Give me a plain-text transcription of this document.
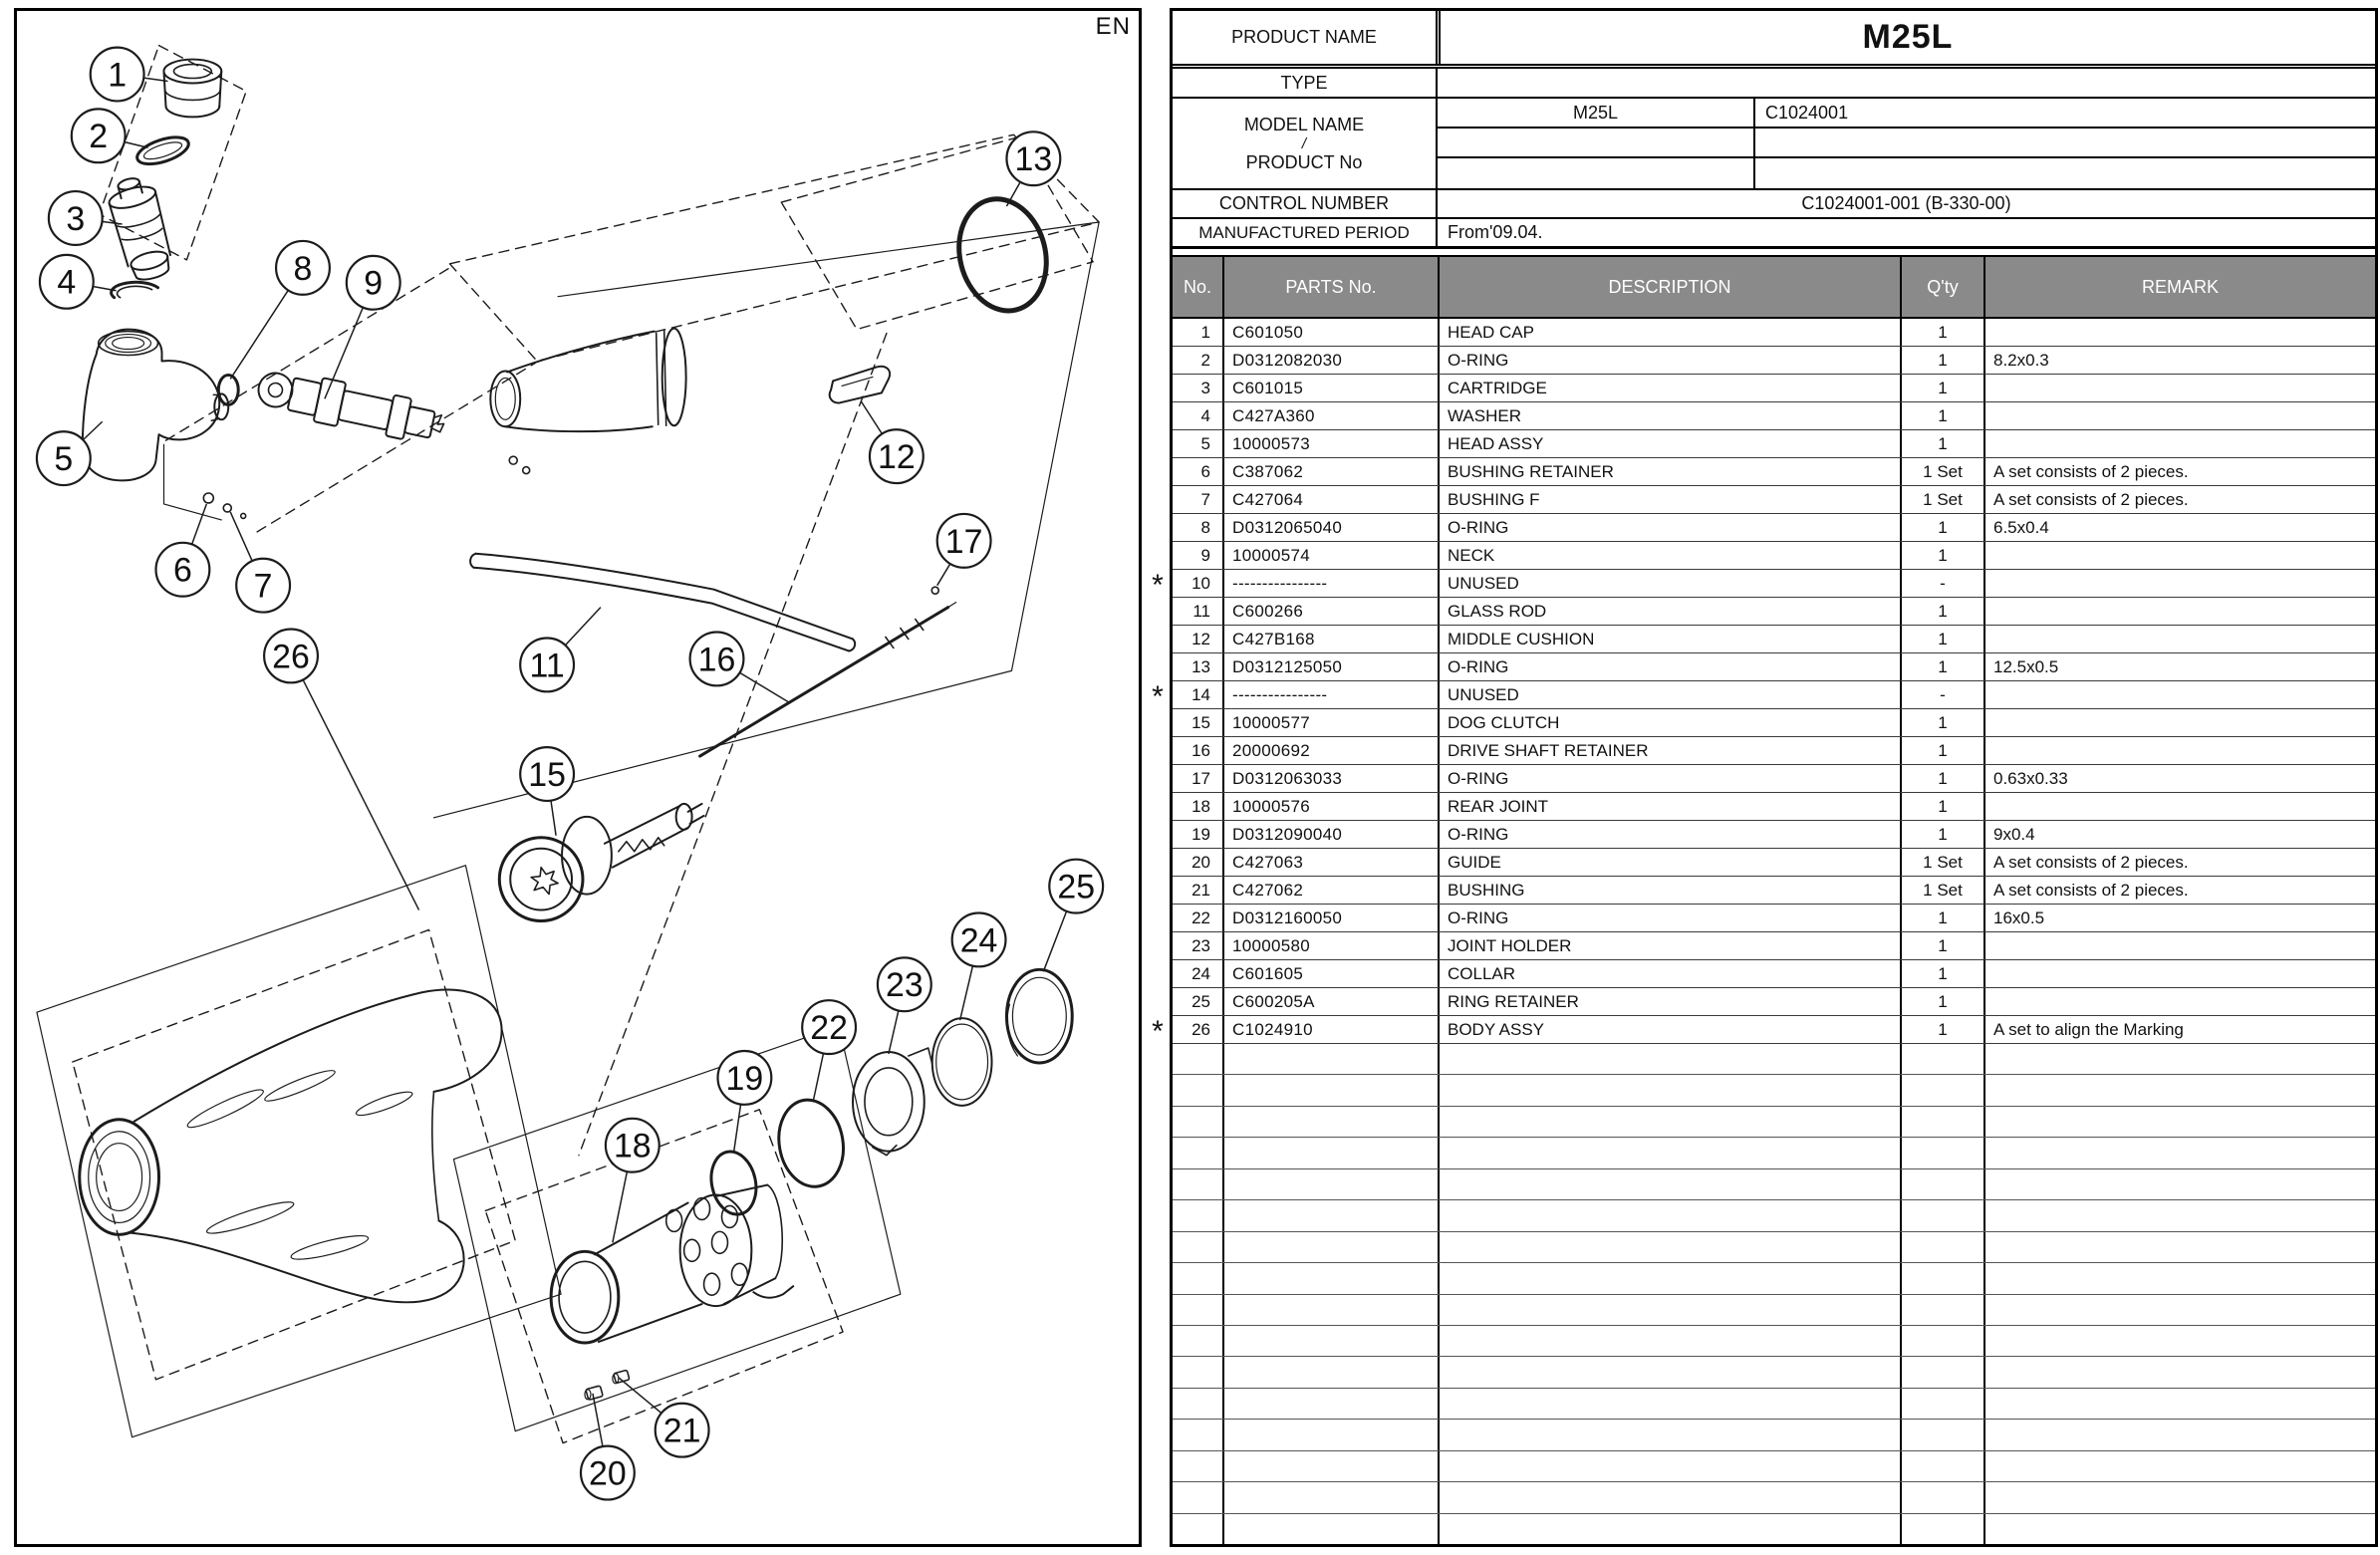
EN
1
2
3
4
5
6 7
8 9
11
12
13
15
16
17
18
19
20
21
22
23
24
25
26
PRODUCT NAME	M25L
TYPE
MODEL NAME
/
PRODUCT No
M25L	C1024001
CONTROL NUMBER	C1024001-001 (B-330-00)
MANUFACTURED PERIOD	From'09.04.
No.	PARTS No.	DESCRIPTION	Q'ty	REMARK
1	C601050	HEAD CAP	1
2	D0312082030	O-RING	1	8.2x0.3
3	C601015	CARTRIDGE	1
4	C427A360	WASHER	1
5	10000573	HEAD ASSY	1
6	C387062	BUSHING RETAINER	1 Set	A set consists of 2 pieces.
7	C427064	BUSHING F	1 Set	A set consists of 2 pieces.
8	D0312065040	O-RING	1	6.5x0.4
9	10000574	NECK	1
10	----------------	UNUSED	-
11	C600266	GLASS ROD	1
12	C427B168	MIDDLE CUSHION	1
13	D0312125050	O-RING	1	12.5x0.5
14	----------------	UNUSED	-
15	10000577	DOG CLUTCH	1
16	20000692	DRIVE SHAFT RETAINER	1
17	D0312063033	O-RING	1	0.63x0.33
18	10000576	REAR JOINT	1
19	D0312090040	O-RING	1	9x0.4
20	C427063	GUIDE	1 Set	A set consists of 2 pieces.
21	C427062	BUSHING	1 Set	A set consists of 2 pieces.
22	D0312160050	O-RING	1	16x0.5
23	10000580	JOINT HOLDER	1
24	C601605	COLLAR	1
25	C600205A	RING RETAINER	1
26	C1024910	BODY ASSY	1	A set to align the Marking
*
*
*
